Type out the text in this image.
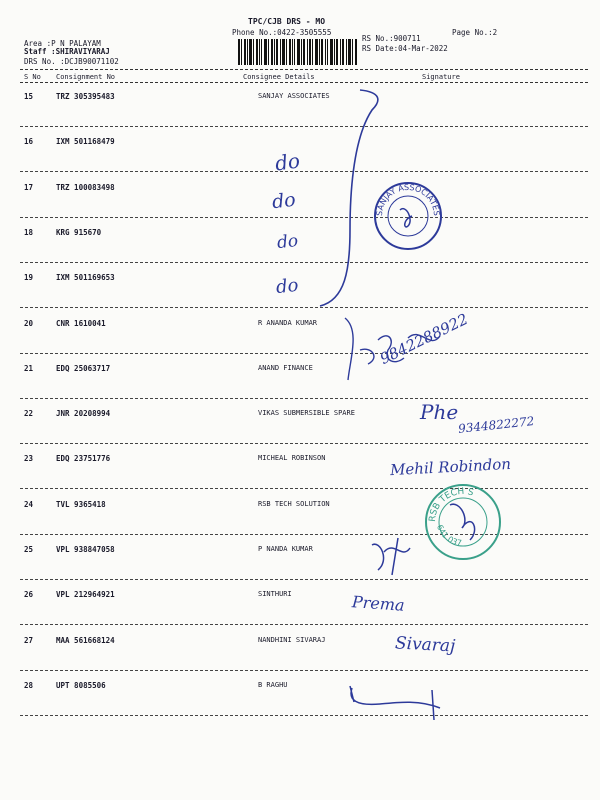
TPC/CJB DRS - MO
Phone No.:0422-3505555	Page No.:2
Area :P N PALAYAM
Staff :SHIRAVIYARAJ
DRS No. :DCJB90071102
RS No.:900711
RS Date:04-Mar-2022
S No Consignment No	Consignee Details	Signature
15	TRZ 305395483	SANJAY ASSOCIATES
16	IXM 501168479
17	TRZ 100083498
18	KRG 915670
19	IXM 501169653
20	CNR 1610041	R ANANDA KUMAR
21	EDQ 25063717	ANAND FINANCE
22	JNR 20208994	VIKAS SUBMERSIBLE SPARE
23	EDQ 23751776	MICHEAL ROBINSON
24	TVL 9365418	RSB TECH SOLUTION
25	VPL 938847058	P NANDA KUMAR
26	VPL 212964921	SINTHURI
27	MAA 561668124	NANDHINI SIVARAJ
28	UPT 8085506	B RAGHU
do
do
do
do
9842288922
9344822272
Phe
Mehil Robindon
Prema
Sivaraj
SANJAY ASSOCIATES
RSB TECH S
641 037
